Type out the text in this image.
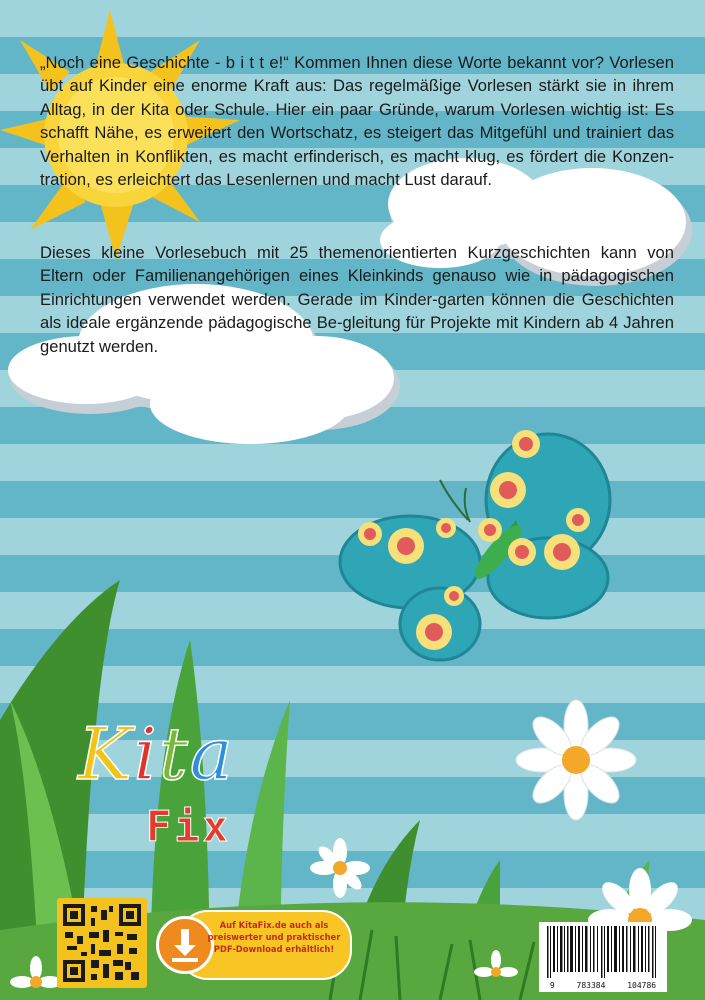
„Noch eine Geschichte - b i t t e!“ Kommen Ihnen diese Worte bekannt vor? Vorlesen übt auf Kinder eine enorme Kraft aus: Das regelmäßige Vorlesen stärkt sie in ihrem Alltag, in der Kita oder Schule. Hier ein paar Gründe, warum Vorlesen wichtig ist: Es schafft Nähe, es erweitert den Wortschatz, es steigert das Mitgefühl und trainiert das Verhalten in Konflikten, es macht erfinderisch, es macht klug, es fördert die Konzen-tration, es erleichtert das Lesenlernen und macht Lust darauf.

Dieses kleine Vorlesebuch mit 25 themenorientierten Kurzgeschichten kann von Eltern oder Familienangehörigen eines Kleinkinds genauso wie in pädagogischen Einrichtungen verwendet werden. Gerade im Kinder-garten können die Geschichten als ideale ergänzende pädagogische Be-gleitung für Projekte mit Kindern ab 4 Jahren genutzt werden.

Kita
Fix
Auf KitaFix.de auch als
preiswerter und praktischer
PDF-Download erhältlich!
9	783384	104786
